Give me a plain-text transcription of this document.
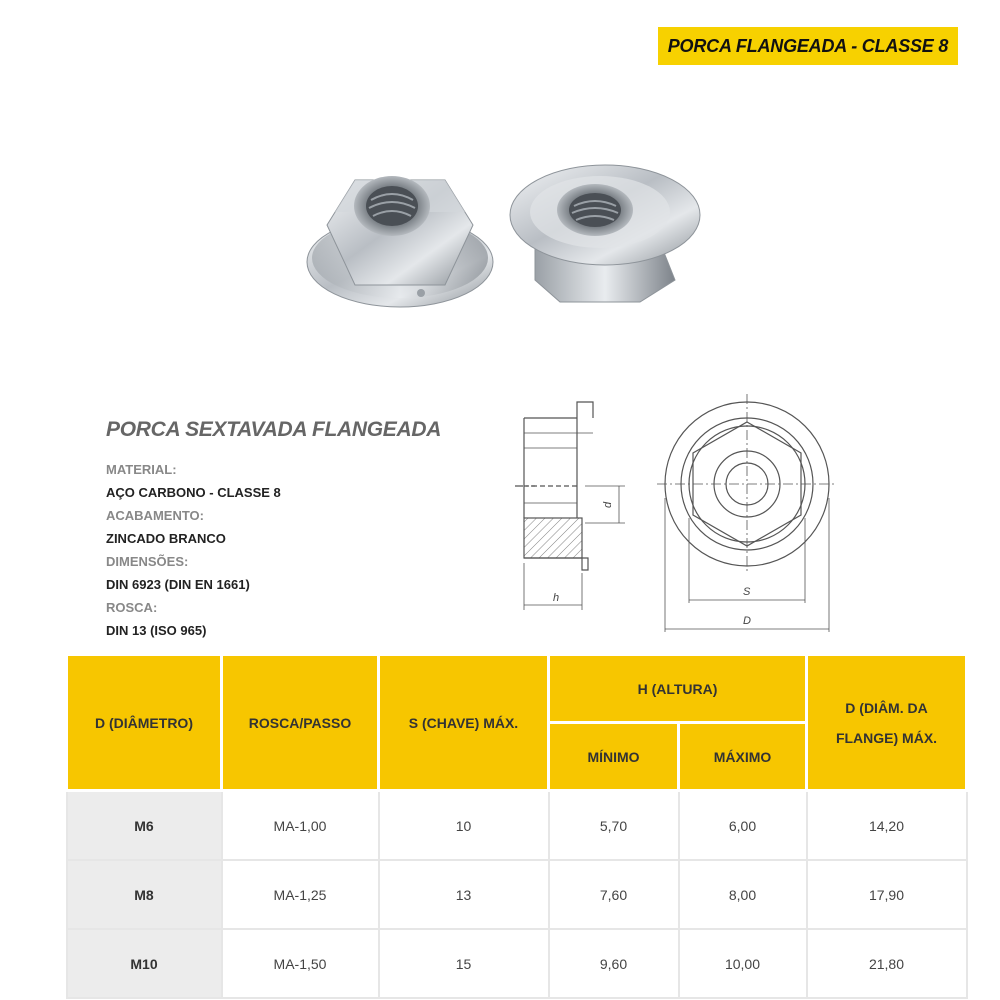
PORCA FLANGEADA - CLASSE 8
PORCA SEXTAVADA FLANGEADA
MATERIAL:
AÇO CARBONO - CLASSE 8
ACABAMENTO:
ZINCADO BRANCO
DIMENSÕES:
DIN 6923 (DIN EN 1661)
ROSCA:
DIN 13 (ISO 965)
d
h	S
D
D (DIÂMETRO)	ROSCA/PASSO	S (CHAVE) MÁX.	H (ALTURA)		D (DIÂM. DA
FLANGE) MÁX.

			MÍNIMO	MÁXIMO	
M6	MA-1,00	10	5,70	6,00	14,20
M8	MA-1,25	13	7,60	8,00	17,90
M10	MA-1,50	15	9,60	10,00	21,80
